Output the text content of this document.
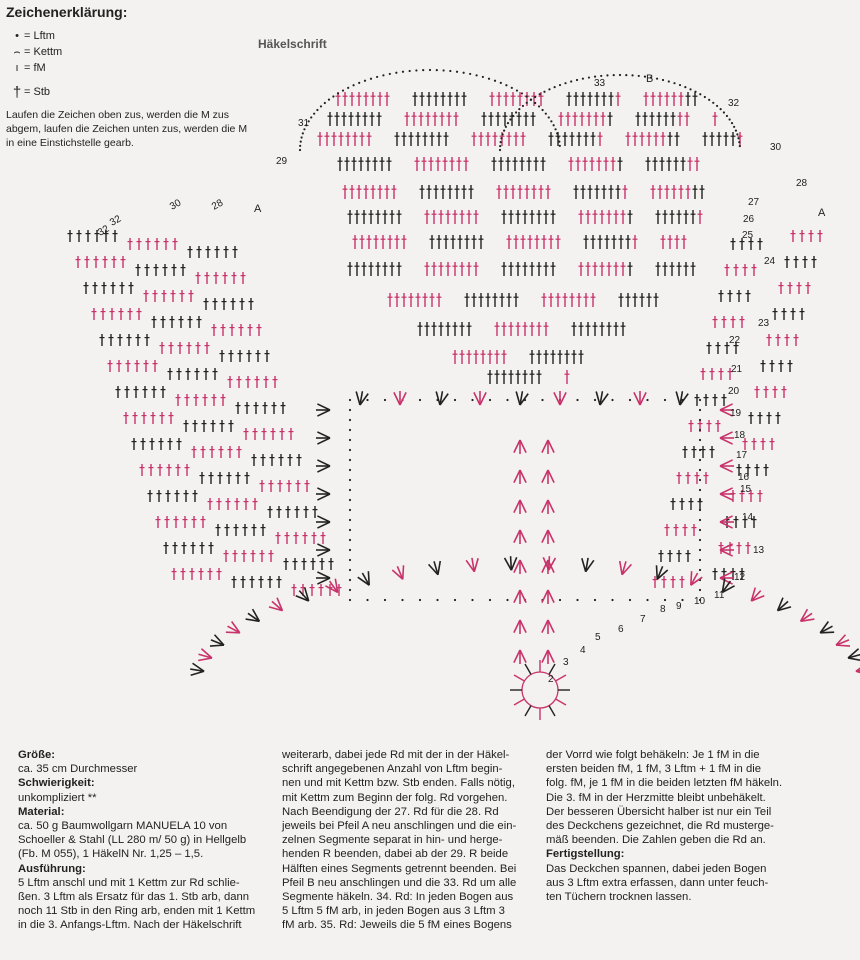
Zeichenerklärung:
• = Lftm
⌢ = Kettm
ı = fM
† = Stb
Laufen die Zeichen oben zus, werden die M zus abgem, laufen die Zeichen unten zus, werden die M in eine Einstichstelle gearb.
Häkelschrift
2
3
4
5
6
7
8 9 10
11
12
13
14
15
16
17
18
19
20
21
22
23
24
25
26
27
28
29
30
31
32
33
32
30	28
32
A	A
B

Größe:

ca. 35 cm Durchmesser

Schwierigkeit:

unkompliziert **

Material:

ca. 50 g Baumwollgarn MANUELA 10 von

Schoeller & Stahl (LL 280 m/ 50 g) in Hellgelb

(Fb. M 055), 1 HäkelN Nr. 1,25 – 1,5.

Ausführung:

5 Lftm anschl und mit 1 Kettm zur Rd schlie-

ßen. 3 Lftm als Ersatz für das 1. Stb arb, dann

noch 11 Stb in den Ring arb, enden mit 1 Kettm

in die 3. Anfangs-Lftm. Nach der Häkelschrift

weiterarb, dabei jede Rd mit der in der Häkel-

schrift angegebenen Anzahl von Lftm begin-

nen und mit Kettm bzw. Stb enden. Falls nötig,

mit Kettm zum Beginn der folg. Rd vorgehen.

Nach Beendigung der 27. Rd für die 28. Rd

jeweils bei Pfeil A neu anschlingen und die ein-

zelnen Segmente separat in hin- und herge-

henden R beenden, dabei ab der 29. R beide

Hälften eines Segments getrennt beenden. Bei

Pfeil B neu anschlingen und die 33. Rd um alle

Segmente häkeln. 34. Rd: In jeden Bogen aus

5 Lftm 5 fM arb, in jeden Bogen aus 3 Lftm 3

fM arb. 35. Rd: Jeweils die 5 fM eines Bogens

der Vorrd wie folgt behäkeln: Je 1 fM in die

ersten beiden fM, 1 fM, 3 Lftm + 1 fM in die

folg. fM, je 1 fM in die beiden letzten fM häkeln.

Die 3. fM in der Herzmitte bleibt unbehäkelt.

Der besseren Übersicht halber ist nur ein Teil

des Deckchens gezeichnet, die Rd musterge-

mäß beenden. Die Zahlen geben die Rd an.

Fertigstellung:

Das Deckchen spannen, dabei jeden Bogen

aus 3 Lftm extra erfassen, dann unter feuch-

ten Tüchern trocknen lassen.
